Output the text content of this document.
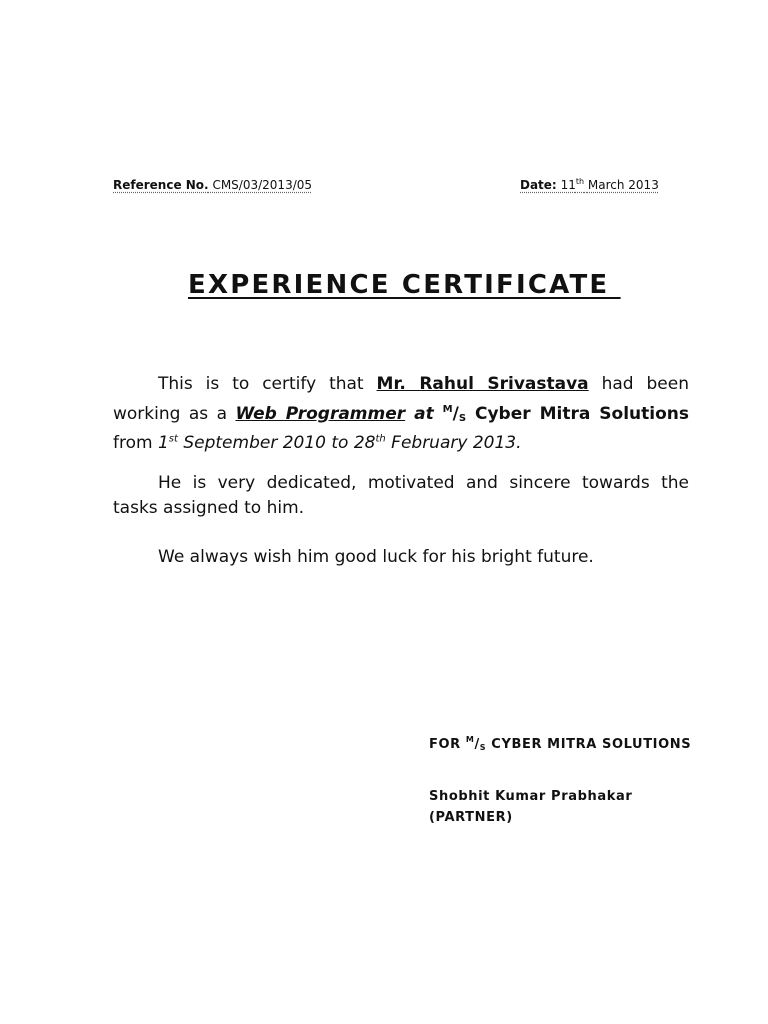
Reference No. CMS/03/2013/05	Date: 11th March 2013
EXPERIENCE CERTIFICATE
This is to certify that Mr. Rahul Srivastava had been working as a Web Programmer at $^M$/S Cyber Mitra Solutions from 1st September 2010 to 28th February 2013.
He is very dedicated, motivated and sincere towards the tasks assigned to him.
We always wish him good luck for his bright future.
FOR $^M$/S CYBER MITRA SOLUTIONS
Shobhit Kumar Prabhakar
(PARTNER)
